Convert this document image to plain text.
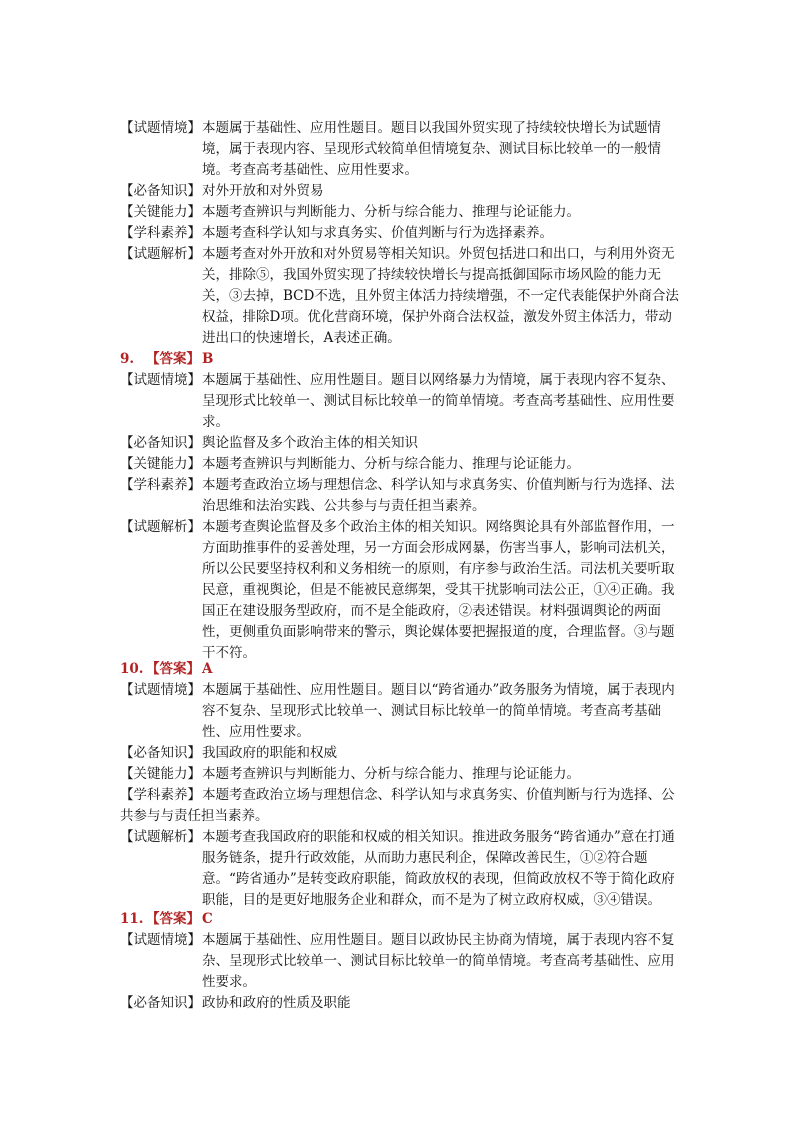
【试题情境】 本题属于基础性、应用性题目。题目以我国外贸实现了持续较快增长为试题情境，属于表现内容、呈现形式较简单但情境复杂、测试目标比较单一的一般情境。考查高考基础性、应用性要求。
【必备知识】 对外开放和对外贸易
【关键能力】 本题考查辨识与判断能力、分析与综合能力、推理与论证能力。
【学科素养】 本题考查科学认知与求真务实、价值判断与行为选择素养。
【试题解析】 本题考查对外开放和对外贸易等相关知识。外贸包括进口和出口，与利用外资无关，排除⑤，我国外贸实现了持续较快增长与提高抵御国际市场风险的能力无关，③去掉，BCD不选，且外贸主体活力持续增强，不一定代表能保护外商合法权益，排除D项。优化营商环境，保护外商合法权益，激发外贸主体活力，带动进出口的快速增长，A表述正确。
9. 【答案】 B
【试题情境】 本题属于基础性、应用性题目。题目以网络暴力为情境，属于表现内容不复杂、呈现形式比较单一、测试目标比较单一的简单情境。考查高考基础性、应用性要求。
【必备知识】 舆论监督及多个政治主体的相关知识
【关键能力】 本题考查辨识与判断能力、分析与综合能力、推理与论证能力。
【学科素养】 本题考查政治立场与理想信念、科学认知与求真务实、价值判断与行为选择、法治思维和法治实践、公共参与与责任担当素养。
【试题解析】 本题考查舆论监督及多个政治主体的相关知识。网络舆论具有外部监督作用，一方面助推事件的妥善处理，另一方面会形成网暴，伤害当事人，影响司法机关，所以公民要坚持权利和义务相统一的原则，有序参与政治生活。司法机关要听取民意，重视舆论，但是不能被民意绑架，受其干扰影响司法公正，①④正确。我国正在建设服务型政府，而不是全能政府，②表述错误。材料强调舆论的两面性，更侧重负面影响带来的警示，舆论媒体要把握报道的度，合理监督。③与题干不符。
10. 【答案】 A
【试题情境】 本题属于基础性、应用性题目。题目以“跨省通办”政务服务为情境，属于表现内容不复杂、呈现形式比较单一、测试目标比较单一的简单情境。考查高考基础性、应用性要求。
【必备知识】 我国政府的职能和权威
【关键能力】 本题考查辨识与判断能力、分析与综合能力、推理与论证能力。
【学科素养】 本题考查政治立场与理想信念、科学认知与求真务实、价值判断与行为选择、公共参与与责任担当素养。
【试题解析】 本题考查我国政府的职能和权威的相关知识。推进政务服务“跨省通办”意在打通服务链条，提升行政效能，从而助力惠民利企，保障改善民生，①②符合题意。“跨省通办”是转变政府职能，简政放权的表现，但简政放权不等于简化政府职能，目的是更好地服务企业和群众，而不是为了树立政府权威，③④错误。
11. 【答案】 C
【试题情境】 本题属于基础性、应用性题目。题目以政协民主协商为情境，属于表现内容不复杂、呈现形式比较单一、测试目标比较单一的简单情境。考查高考基础性、应用性要求。
【必备知识】 政协和政府的性质及职能
